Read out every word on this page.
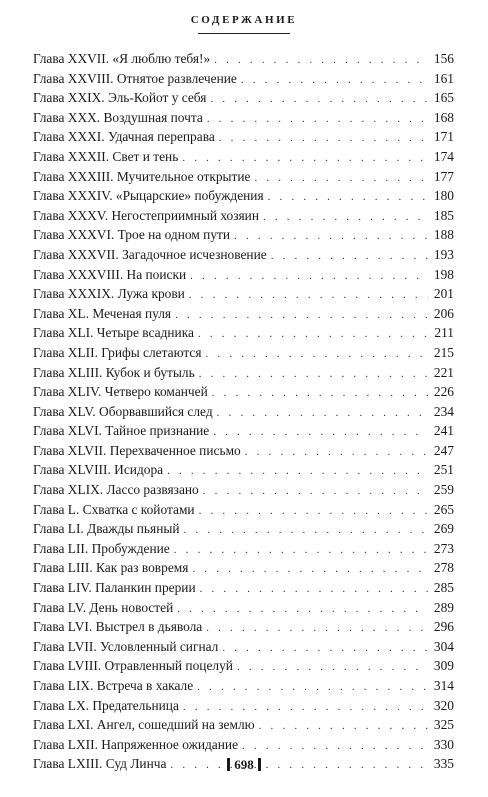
СОДЕРЖАНИЕ
Глава XXVII. «Я люблю тебя!» . . .	156
Глава XXVIII. Отнятое развлечение . . .	161
Глава XXIX. Эль-Койот у себя . . .	165
Глава XXX. Воздушная почта . . .	168
Глава XXXI. Удачная переправа . . .	171
Глава XXXII. Свет и тень . . .	174
Глава XXXIII. Мучительное открытие . . .	177
Глава XXXIV. «Рыцарские» побуждения . . .	180
Глава XXXV. Негостеприимный хозяин . . .	185
Глава XXXVI. Трое на одном пути . . .	188
Глава XXXVII. Загадочное исчезновение . . .	193
Глава XXXVIII. На поиски . . .	198
Глава XXXIX. Лужа крови . . .	201
Глава XL. Меченая пуля . . .	206
Глава XLI. Четыре всадника . . .	211
Глава XLII. Грифы слетаются . . .	215
Глава XLIII. Кубок и бутыль . . .	221
Глава XLIV. Четверо команчей . . .	226
Глава XLV. Оборвавшийся след . . .	234
Глава XLVI. Тайное признание . . .	241
Глава XLVII. Перехваченное письмо . . .	247
Глава XLVIII. Исидора . . .	251
Глава XLIX. Лассо развязано . . .	259
Глава L. Схватка с койотами . . .	265
Глава LI. Дважды пьяный . . .	269
Глава LII. Пробуждение . . .	273
Глава LIII. Как раз вовремя . . .	278
Глава LIV. Паланкин прерии . . .	285
Глава LV. День новостей . . .	289
Глава LVI. Выстрел в дьявола . . .	296
Глава LVII. Условленный сигнал . . .	304
Глава LVIII. Отравленный поцелуй . . .	309
Глава LIX. Встреча в хакале . . .	314
Глава LX. Предательница . . .	320
Глава LXI. Ангел, сошедший на землю . . .	325
Глава LXII. Напряженное ожидание . . .	330
Глава LXIII. Суд Линча . . .	335
698
